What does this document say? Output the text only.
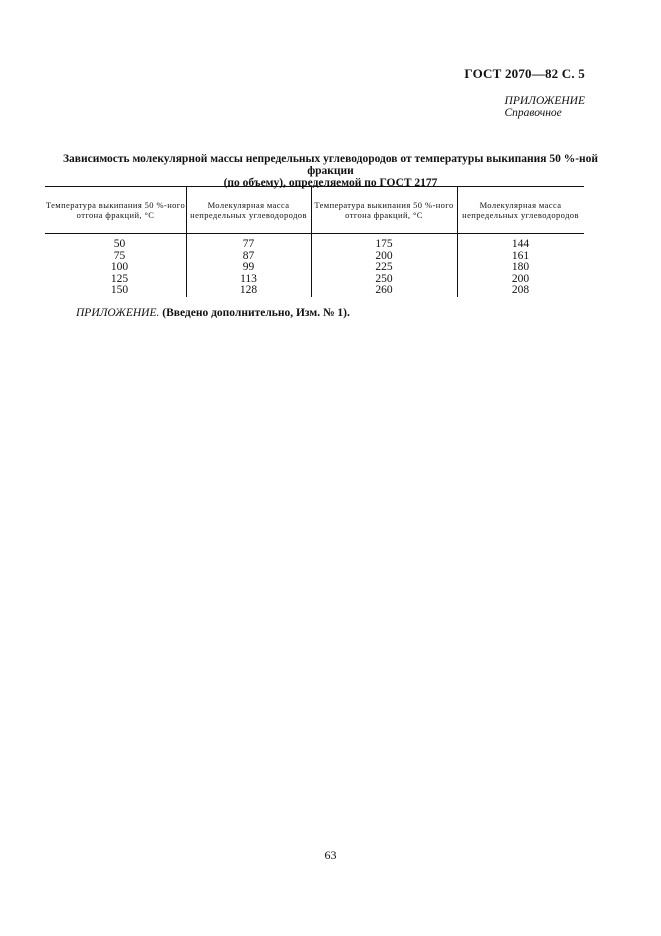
ГОСТ 2070—82 С. 5
ПРИЛОЖЕНИЕ
Справочное
Зависимость молекулярной массы непредельных углеводородов от температуры выкипания 50 %-ной фракции
(по объему), определяемой по ГОСТ 2177
Температура выкипания 50 %-ного отгона фракций, °С
Молекулярная масса непредельных углеводородов
Температура выкипания 50 %-ного отгона фракций, °С
Молекулярная масса непредельных углеводородов
50
75
100
125
150
77
87
99
113
128
175
200
225
250
260
144
161
180
200
208
ПРИЛОЖЕНИЕ. (Введено дополнительно, Изм. № 1).
63
